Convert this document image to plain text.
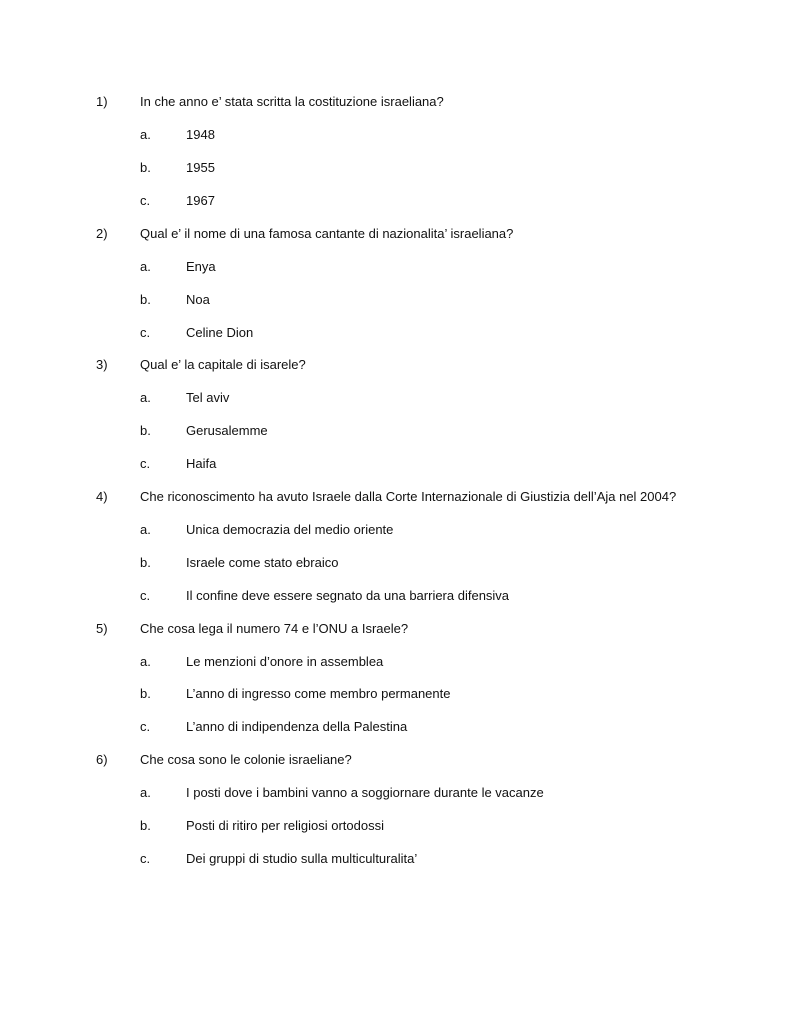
1)	In che anno e’ stata scritta la costituzione israeliana?
a.	1948
b.	1955
c.	1967
2)	Qual e’ il nome di una famosa cantante di nazionalita’ israeliana?
a.	Enya
b.	Noa
c.	Celine Dion
3)	Qual e’ la capitale di isarele?
a.	Tel aviv
b.	Gerusalemme
c.	Haifa
4)	Che riconoscimento ha avuto Israele dalla Corte Internazionale di Giustizia dell’Aja nel 2004?
a.	Unica democrazia del medio oriente
b.	Israele come stato ebraico
c.	Il confine deve essere segnato da una barriera difensiva
5)	Che cosa lega il numero 74 e l’ONU a Israele?
a.	Le menzioni d’onore in assemblea
b.	L’anno di ingresso come membro permanente
c.	L’anno di indipendenza della Palestina
6)	Che cosa sono le colonie israeliane?
a.	I posti dove i bambini vanno a soggiornare durante le vacanze
b.	Posti di ritiro per religiosi ortodossi
c.	Dei gruppi di studio sulla multiculturalita’
